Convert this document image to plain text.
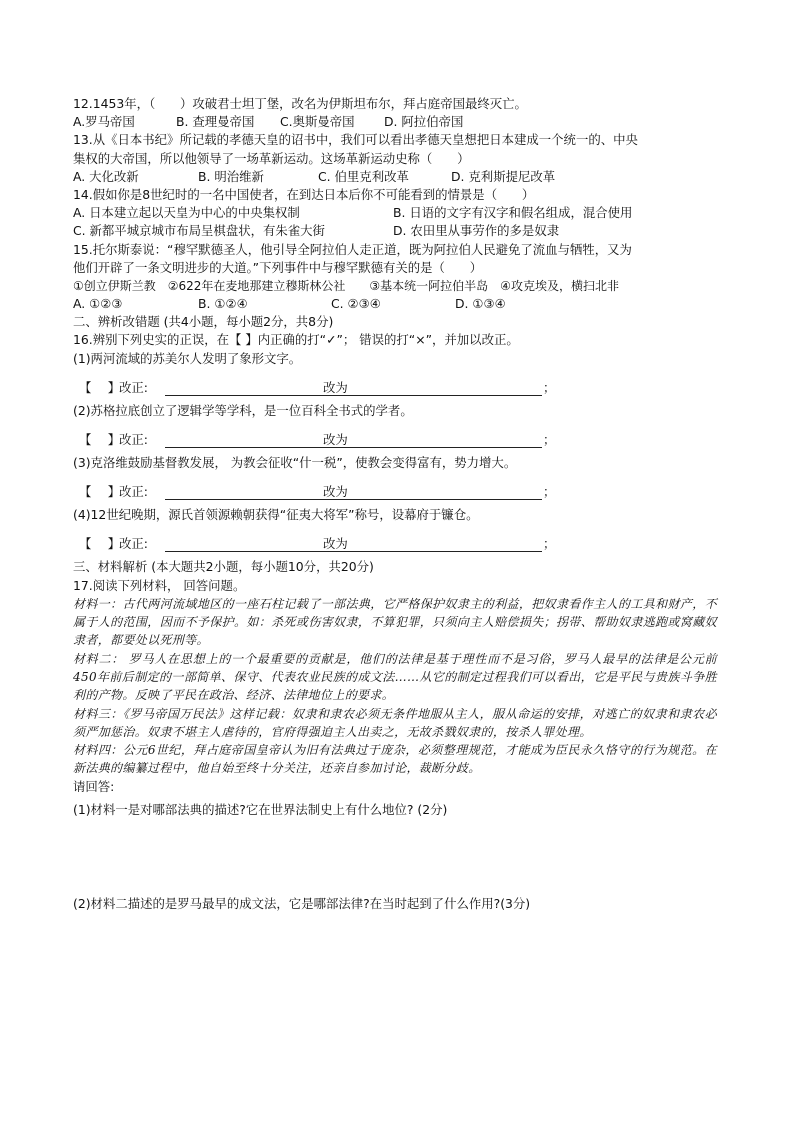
12.1453年，（　　）攻破君士坦丁堡，改名为伊斯坦布尔，拜占庭帝国最终灭亡。
A.罗马帝国	B. 查理曼帝国	C.奥斯曼帝国	D. 阿拉伯帝国
13.从《日本书纪》所记载的孝德天皇的诏书中，我们可以看出孝德天皇想把日本建成一个统一的、中央
集权的大帝国，所以他领导了一场革新运动。这场革新运动史称（　　）
A. 大化改新	B. 明治维新	C. 伯里克利改革	D. 克利斯提尼改革
14.假如你是8世纪时的一名中国使者，在到达日本后你不可能看到的情景是（　　）
A. 日本建立起以天皇为中心的中央集权制	B. 日语的文字有汉字和假名组成，混合使用
C. 新都平城京城市布局呈棋盘状，有朱雀大街	D. 农田里从事劳作的多是奴隶
15.托尔斯泰说：“穆罕默德圣人，他引导全阿拉伯人走正道，既为阿拉伯人民避免了流血与牺牲，又为
他们开辟了一条文明进步的大道。”下列事件中与穆罕默德有关的是（　　）
①创立伊斯兰教　②622年在麦地那建立穆斯林公社　　③基本统一阿拉伯半岛　④攻克埃及，横扫北非
A. ①②③	B. ①②④	C. ②③④	D. ①③④
二、辨析改错题 (共4小题，每小题2分，共8分)
16.辨别下列史实的正误，在【 】内正确的打“✓”； 错误的打“×”，并加以改正。
(1)两河流域的苏美尔人发明了象形文字。
【　 】
改正:	改为	；
(2)苏格拉底创立了逻辑学等学科，是一位百科全书式的学者。
【　 】
改正:	改为	；
(3)克洛维鼓励基督教发展， 为教会征收“什一税”，使教会变得富有，势力增大。
【　 】
改正:	改为	；
(4)12世纪晚期，源氏首领源赖朝获得“征夷大将军”称号，设幕府于镰仓。
【　 】
改正:	改为	；
三、材料解析 (本大题共2小题，每小题10分，共20分)
17.阅读下列材料， 回答问题。

材料一：古代两河流域地区的一座石柱记载了一部法典，它严格保护奴隶主的利益，把奴隶看作主人的工具和财产，不属于人的范围，因而不予保护。如：杀死或伤害奴隶，不算犯罪，只须向主人赔偿损失；拐带、帮助奴隶逃跑或窝藏奴隶者，都要处以死刑等。

材料二： 罗马人在思想上的一个最重要的贡献是，他们的法律是基于理性而不是习俗，罗马人最早的法律是公元前450年前后制定的一部简单、保守、代表农业民族的成文法……从它的制定过程我们可以看出，它是平民与贵族斗争胜利的产物。反映了平民在政治、经济、法律地位上的要求。

材料三：《罗马帝国万民法》这样记载：奴隶和隶农必须无条件地服从主人，服从命运的安排，对逃亡的奴隶和隶农必须严加惩治。奴隶不堪主人虐待的，官府得强迫主人出卖之，无故杀戮奴隶的，按杀人罪处理。

材料四：公元6世纪，拜占庭帝国皇帝认为旧有法典过于庞杂，必须整理规范，才能成为臣民永久恪守的行为规范。在新法典的编纂过程中，他自始至终十分关注，还亲自参加讨论，裁断分歧。

请回答:
(1)材料一是对哪部法典的描述?它在世界法制史上有什么地位? (2分)
(2)材料二描述的是罗马最早的成文法，它是哪部法律?在当时起到了什么作用?(3分)
